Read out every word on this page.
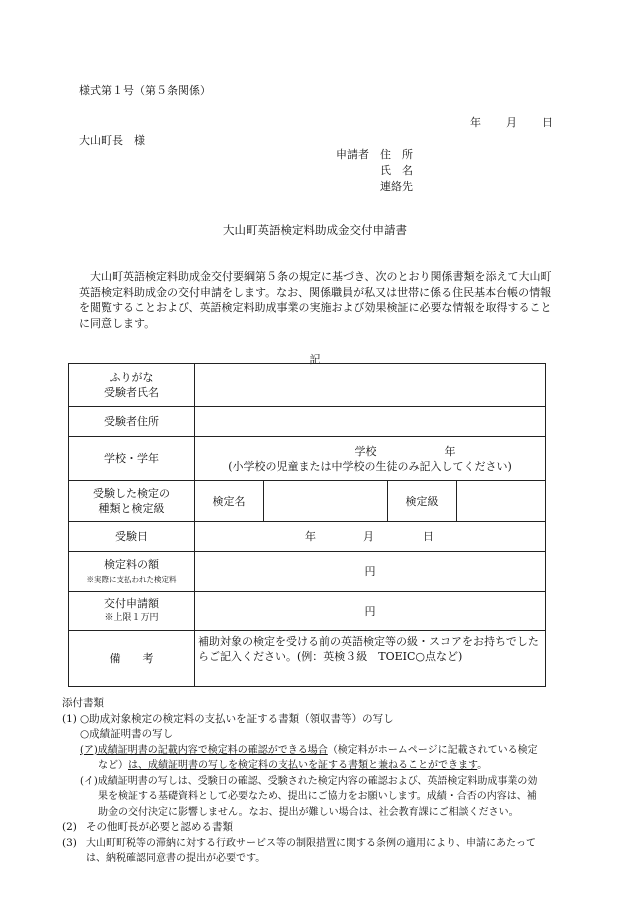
様式第１号（第５条関係）
年 月 日
大山町長　様
申請者 住　所
氏　名
連絡先
大山町英語検定料助成金交付申請書
大山町英語検定料助成金交付要綱第５条の規定に基づき、次のとおり関係書類を添えて大山町英語検定料助成金の交付申請をします。なお、関係職員が私又は世帯に係る住民基本台帳の情報を閲覧することおよび、英語検定料助成事業の実施および効果検証に必要な情報を取得することに同意します。
記
ふりがな
受験者氏名				

受験者住所				
学校・学年	学校 年
(小学校の児童または中学校の生徒のみ記入してください)			

受験した検定の
種類と検定級	検定名		検定級	
受験日	年 月 日			

検定料の額
※実際に支払われた検定料	円			

交付申請額
※上限１万円	円			
備　　考	補助対象の検定を受ける前の英語検定等の級・スコアをお持ちでしたらご記入ください。(例：英検３級　TOEIC○点など)			
添付書類
(1) ○助成対象検定の検定料の支払いを証する書類（領収書等）の写し
○成績証明書の写し
(ア)成績証明書の記載内容で検定料の確認ができる場合（検定料がホームページに記載されている検定
など）は、成績証明書の写しを検定料の支払いを証する書類と兼ねることができます。
(イ)成績証明書の写しは、受験日の確認、受験された検定内容の確認および、英語検定料助成事業の効
果を検証する基礎資料として必要なため、提出にご協力をお願いします。成績・合否の内容は、補
助金の交付決定に影響しません。なお、提出が難しい場合は、社会教育課にご相談ください。
(2) その他町長が必要と認める書類
(3) 大山町町税等の滞納に対する行政サービス等の制限措置に関する条例の適用により、申請にあたって
は、納税確認同意書の提出が必要です。
